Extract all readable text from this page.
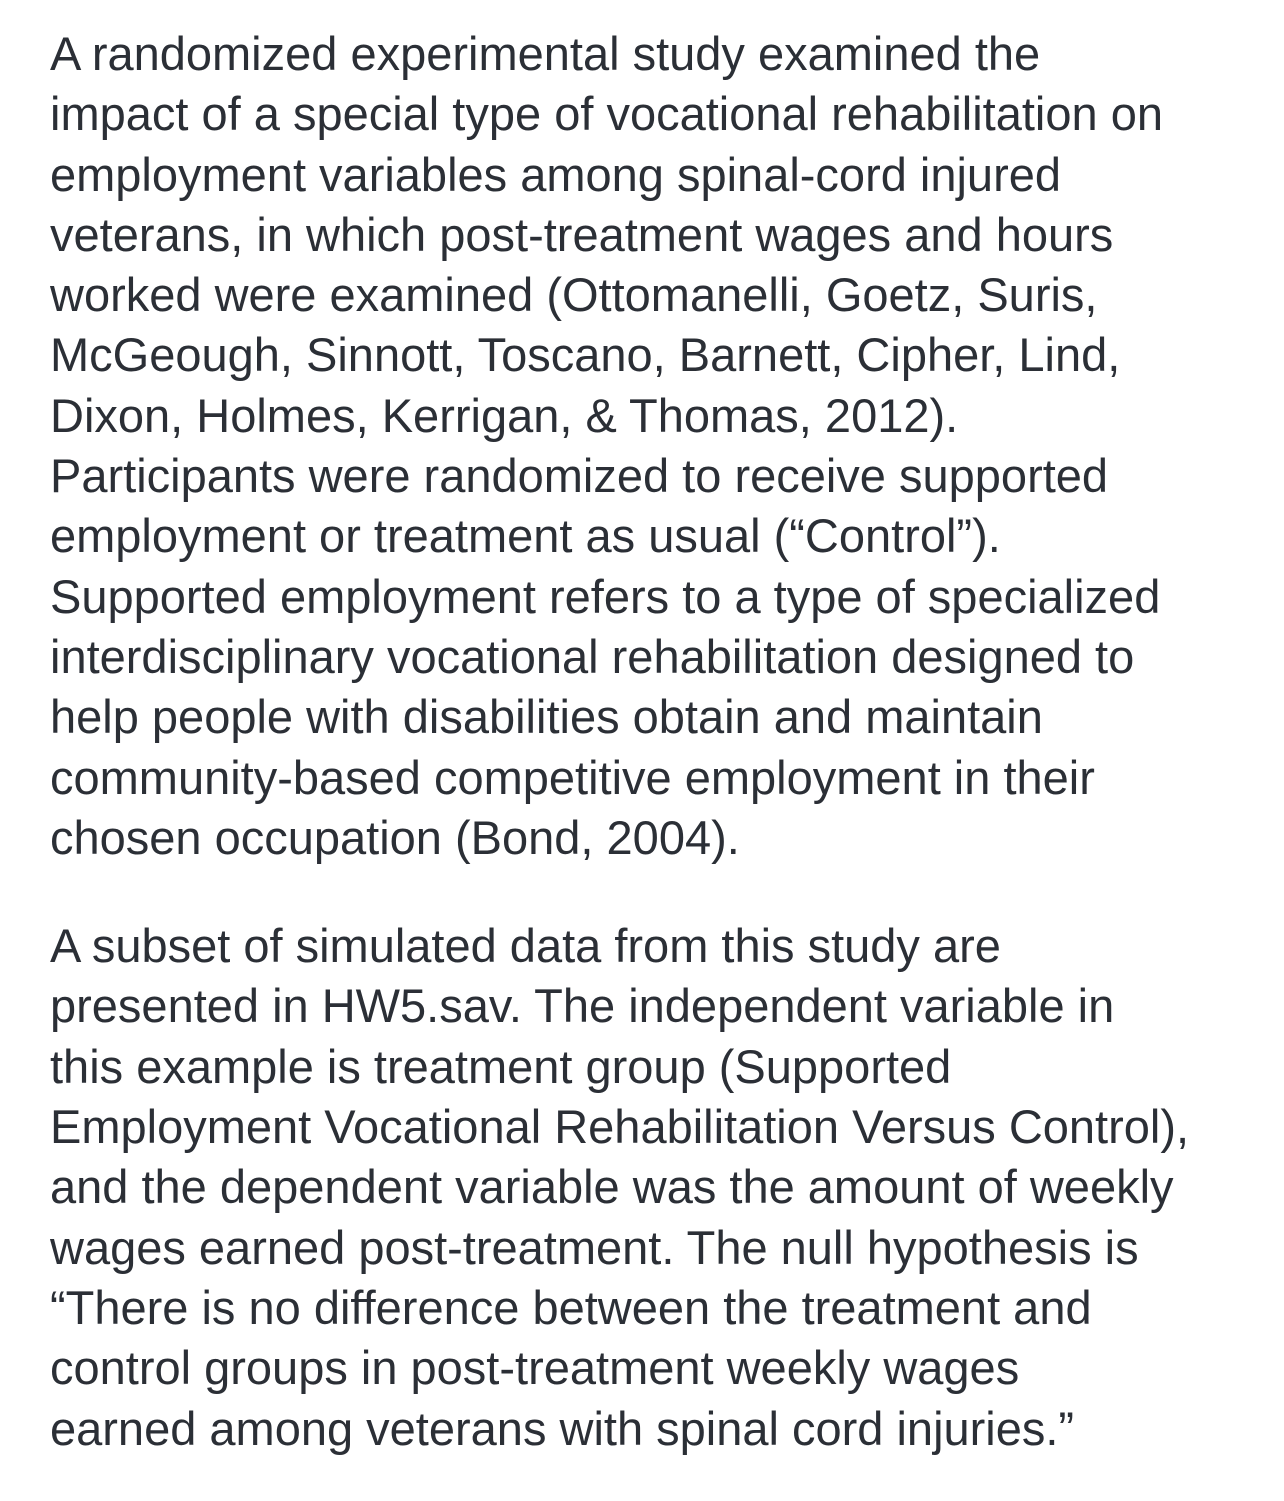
A randomized experimental study examined the
impact of a special type of vocational rehabilitation on
employment variables among spinal-cord injured
veterans, in which post-treatment wages and hours
worked were examined (Ottomanelli, Goetz, Suris,
McGeough, Sinnott, Toscano, Barnett, Cipher, Lind,
Dixon, Holmes, Kerrigan, & Thomas, 2012).
Participants were randomized to receive supported
employment or treatment as usual (“Control”).
Supported employment refers to a type of specialized
interdisciplinary vocational rehabilitation designed to
help people with disabilities obtain and maintain
community-based competitive employment in their
chosen occupation (Bond, 2004).

A subset of simulated data from this study are
presented in HW5.sav. The independent variable in
this example is treatment group (Supported
Employment Vocational Rehabilitation Versus Control),
and the dependent variable was the amount of weekly
wages earned post-treatment. The null hypothesis is
“There is no difference between the treatment and
control groups in post-treatment weekly wages
earned among veterans with spinal cord injuries.”
